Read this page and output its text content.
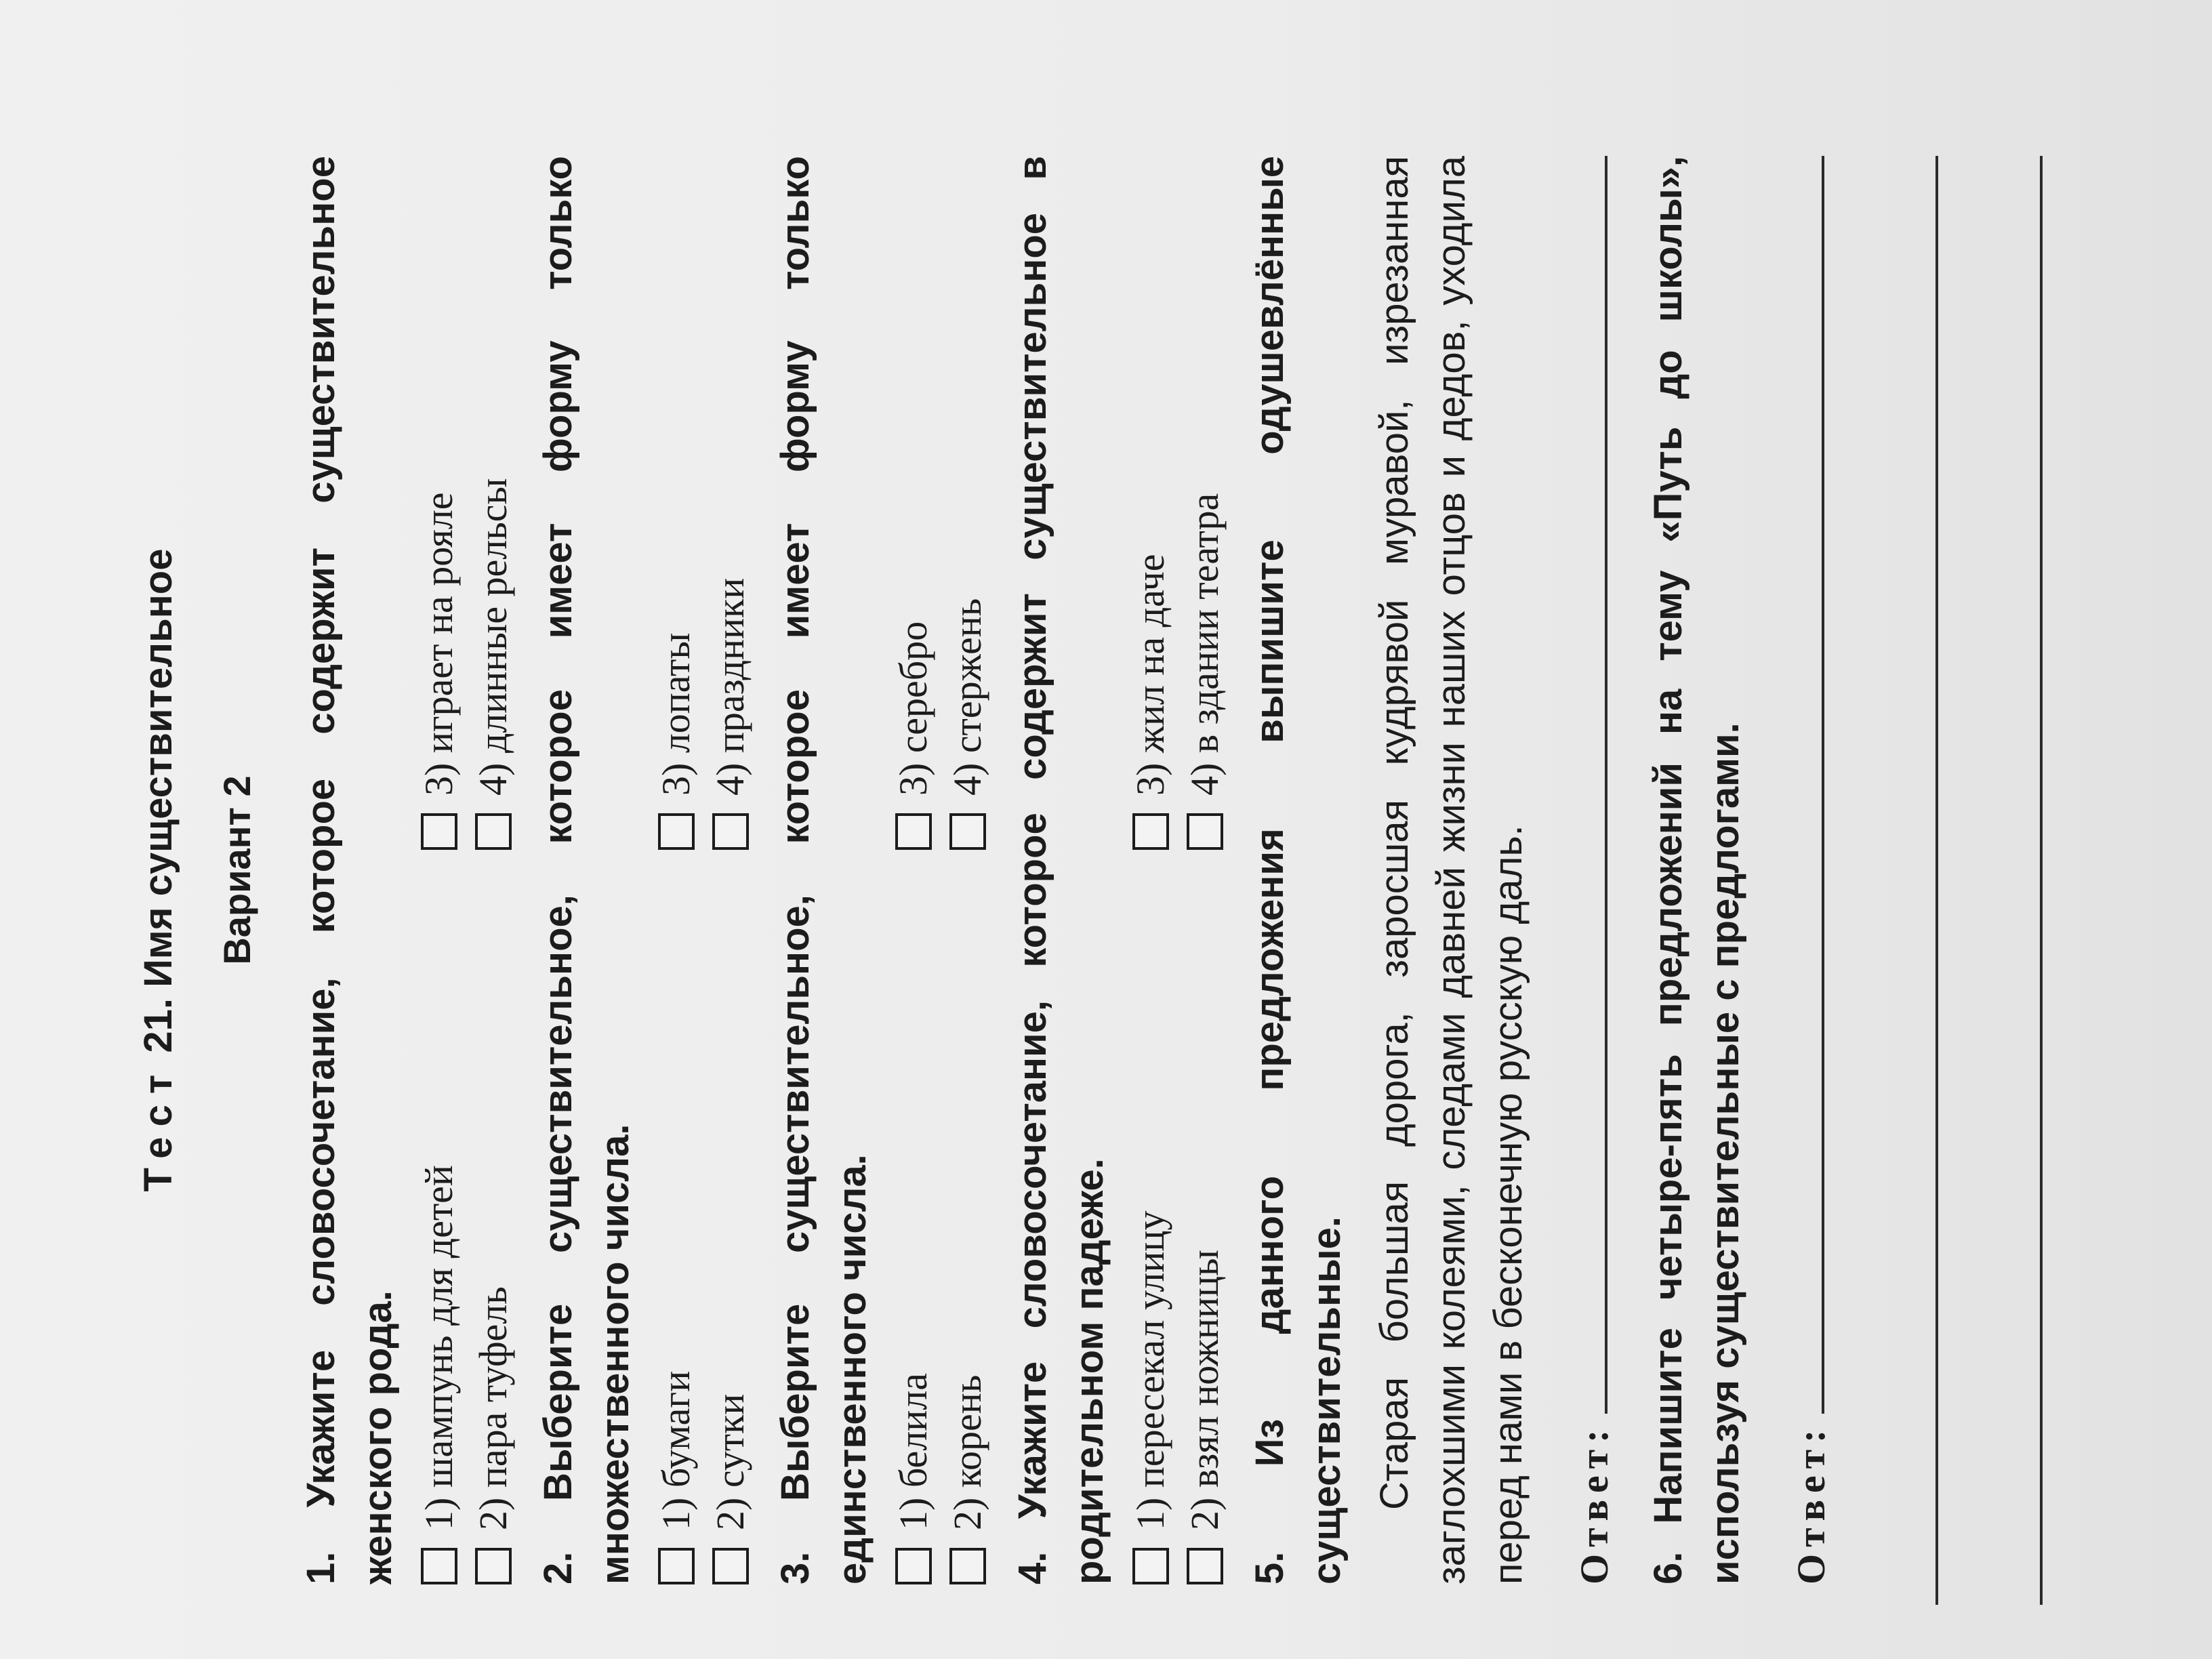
Тест 21. Имя существительное Вариант 2

1. Укажите словосочетание, которое содержит существительное женского рода. 1) шампунь для детей
3) играет на рояле
2) пара туфель
4) длинные рельсы

2. Выберите существительное, которое имеет форму только множественного числа. 1) бумаги
3) лопаты
2) сутки
4) праздники

3. Выберите существительное, которое имеет форму только единственного числа. 1) белила
3) серебро
2) корень
4) стержень

4. Укажите словосочетание, которое содержит существительное в родительном падеже. 1) пересекал улицу
3) жил на даче
2) взял ножницы
4) в здании театра

5. Из данного предложения выпишите одушевлённые существительные. Старая большая дорога, заросшая кудрявой муравой, изрезанная заглохшими колеями, следами давней жизни наших отцов и дедов, уходила перед нами в бесконечную русскую даль. Ответ: 6. Напишите четыре-пять предложений на тему «Путь до школы», используя существительные с предлогами. Ответ:
